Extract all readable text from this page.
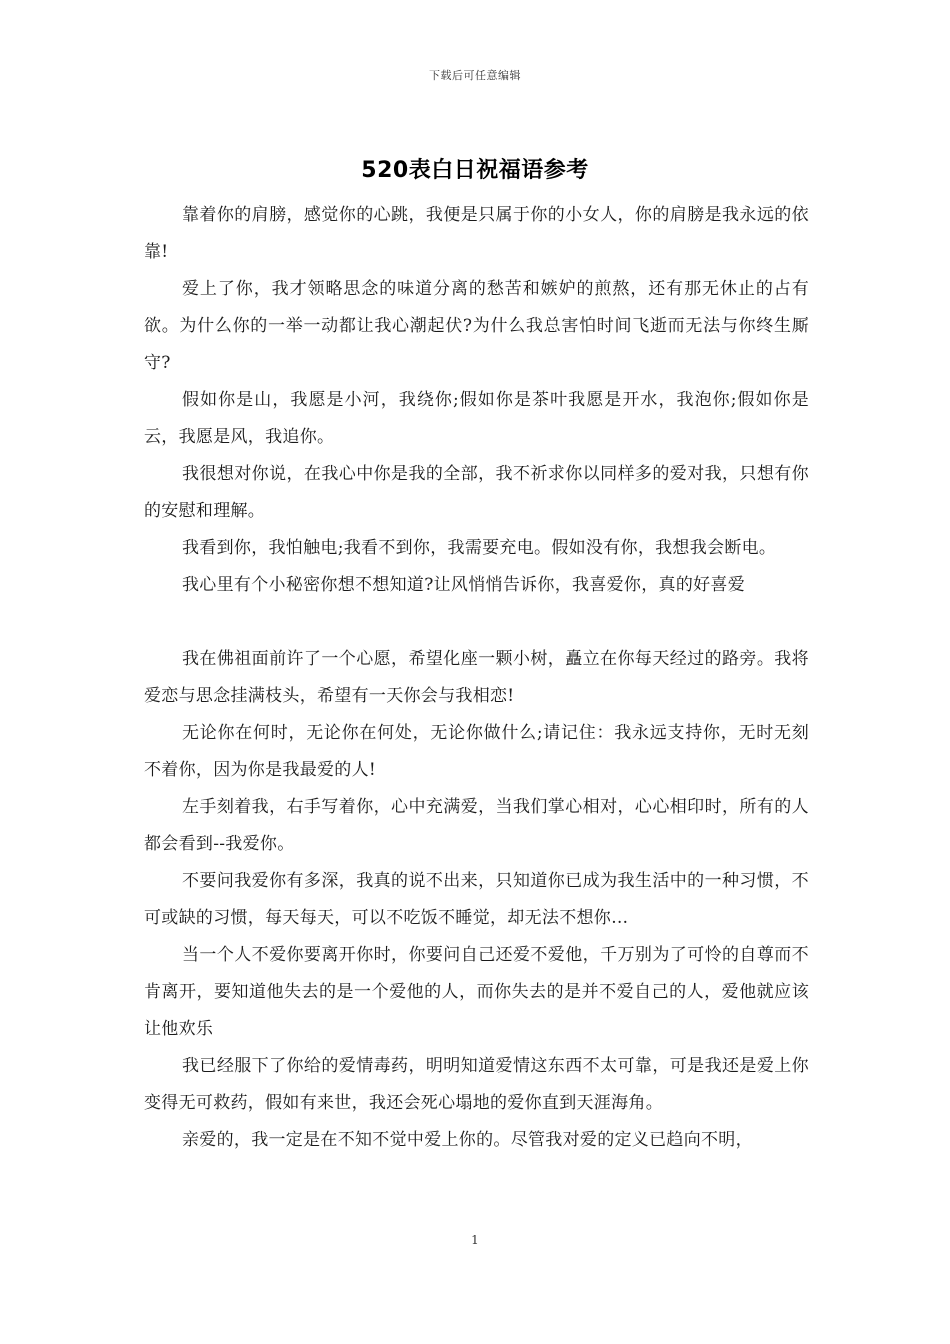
下载后可任意编辑
520表白日祝福语参考

靠着你的肩膀，感觉你的心跳，我便是只属于你的小女人，你的肩膀是我永远的依靠!

爱上了你，我才领略思念的味道分离的愁苦和嫉妒的煎熬，还有那无休止的占有欲。为什么你的一举一动都让我心潮起伏?为什么我总害怕时间飞逝而无法与你终生厮守?

假如你是山，我愿是小河，我绕你;假如你是茶叶我愿是开水，我泡你;假如你是云，我愿是风，我追你。

我很想对你说，在我心中你是我的全部，我不祈求你以同样多的爱对我，只想有你的安慰和理解。

我看到你，我怕触电;我看不到你，我需要充电。假如没有你，我想我会断电。

我心里有个小秘密你想不想知道?让风悄悄告诉你，我喜爱你，真的好喜爱

我在佛祖面前许了一个心愿，希望化座一颗小树，矗立在你每天经过的路旁。我将爱恋与思念挂满枝头，希望有一天你会与我相恋!

无论你在何时，无论你在何处，无论你做什么;请记住：我永远支持你，无时无刻不着你，因为你是我最爱的人!

左手刻着我，右手写着你，心中充满爱，当我们掌心相对，心心相印时，所有的人都会看到--我爱你。

不要问我爱你有多深，我真的说不出来，只知道你已成为我生活中的一种习惯，不可或缺的习惯，每天每天，可以不吃饭不睡觉，却无法不想你…

当一个人不爱你要离开你时，你要问自己还爱不爱他，千万别为了可怜的自尊而不肯离开，要知道他失去的是一个爱他的人，而你失去的是并不爱自己的人，爱他就应该让他欢乐

我已经服下了你给的爱情毒药，明明知道爱情这东西不太可靠，可是我还是爱上你变得无可救药，假如有来世，我还会死心塌地的爱你直到天涯海角。

亲爱的，我一定是在不知不觉中爱上你的。尽管我对爱的定义已趋向不明，

1
